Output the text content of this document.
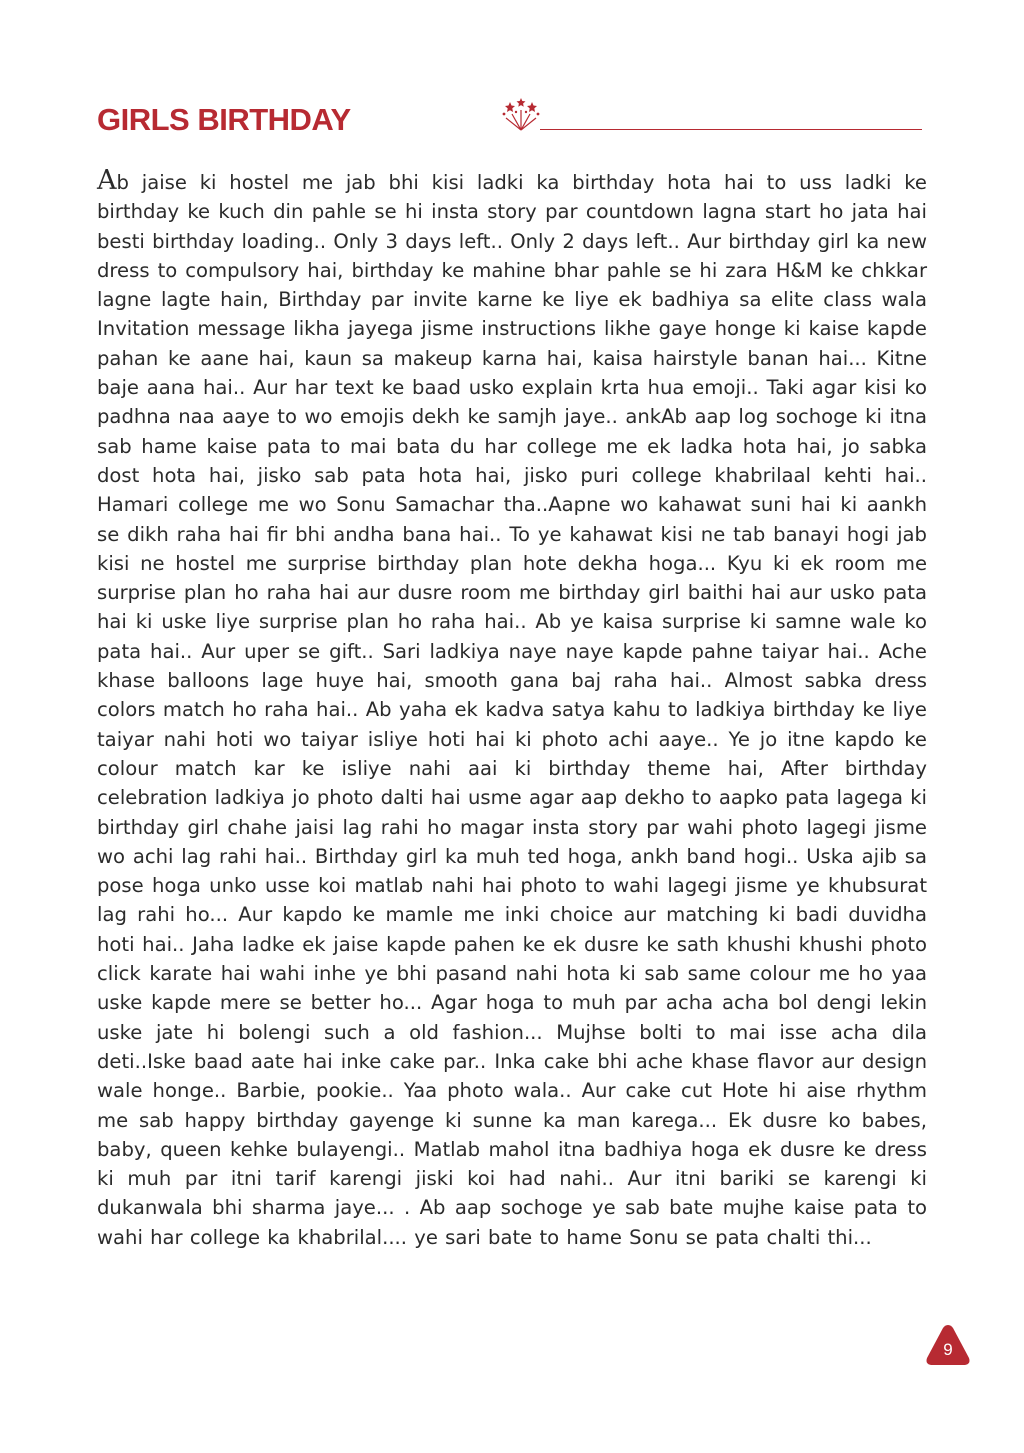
GIRLS BIRTHDAY
Ab jaise ki hostel me jab bhi kisi ladki ka birthday hota hai to uss ladki ke birthday ke kuch din pahle se hi insta story par countdown lagna start ho jata hai besti birthday loading.. Only 3 days left.. Only 2 days left.. Aur birthday girl ka new dress to compulsory hai, birthday ke mahine bhar pahle se hi zara H&M ke chkkar lagne lagte hain, Birthday par invite karne ke liye ek badhiya sa elite class wala Invitation message likha jayega jisme instructions likhe gaye honge ki kaise kapde pahan ke aane hai, kaun sa makeup karna hai, kaisa hairstyle banan hai... Kitne baje aana hai.. Aur har text ke baad usko explain krta hua emoji.. Taki agar kisi ko padhna naa aaye to wo emojis dekh ke samjh jaye.. ankAb aap log sochoge ki itna sab hame kaise pata to mai bata du har college me ek ladka hota hai, jo sabka dost hota hai, jisko sab pata hota hai, jisko puri college khabrilaal kehti hai.. Hamari college me wo Sonu Samachar tha..Aapne wo kahawat suni hai ki aankh se dikh raha hai fir bhi andha bana hai.. To ye kahawat kisi ne tab banayi hogi jab kisi ne hostel me surprise birthday plan hote dekha hoga... Kyu ki ek room me surprise plan ho raha hai aur dusre room me birthday girl baithi hai aur usko pata hai ki uske liye surprise plan ho raha hai.. Ab ye kaisa surprise ki samne wale ko pata hai.. Aur uper se gift.. Sari ladkiya naye naye kapde pahne taiyar hai.. Ache khase balloons lage huye hai, smooth gana baj raha hai.. Almost sabka dress colors match ho raha hai.. Ab yaha ek kadva satya kahu to ladkiya birthday ke liye taiyar nahi hoti wo taiyar isliye hoti hai ki photo achi aaye.. Ye jo itne kapdo ke colour match kar ke isliye nahi aai ki birthday theme hai, After birthday celebration ladkiya jo photo dalti hai usme agar aap dekho to aapko pata lagega ki birthday girl chahe jaisi lag rahi ho magar insta story par wahi photo lagegi jisme wo achi lag rahi hai.. Birthday girl ka muh ted hoga, ankh band hogi.. Uska ajib sa pose hoga unko usse koi matlab nahi hai photo to wahi lagegi jisme ye khubsurat lag rahi ho... Aur kapdo ke mamle me inki choice aur matching ki badi duvidha hoti hai.. Jaha ladke ek jaise kapde pahen ke ek dusre ke sath khushi khushi photo click karate hai wahi inhe ye bhi pasand nahi hota ki sab same colour me ho yaa uske kapde mere se better ho... Agar hoga to muh par acha acha bol dengi lekin uske jate hi bolengi such a old fashion... Mujhse bolti to mai isse acha dila deti..Iske baad aate hai inke cake par.. Inka cake bhi ache khase flavor aur design wale honge.. Barbie, pookie.. Yaa photo wala.. Aur cake cut Hote hi aise rhythm me sab happy birthday gayenge ki sunne ka man karega... Ek dusre ko babes, baby, queen kehke bulayengi.. Matlab mahol itna badhiya hoga ek dusre ke dress ki muh par itni tarif karengi jiski koi had nahi.. Aur itni bariki se karengi ki dukanwala bhi sharma jaye... . Ab aap sochoge ye sab bate mujhe kaise pata to wahi har college ka khabrilal.... ye sari bate to hame Sonu se pata chalti thi...
9
